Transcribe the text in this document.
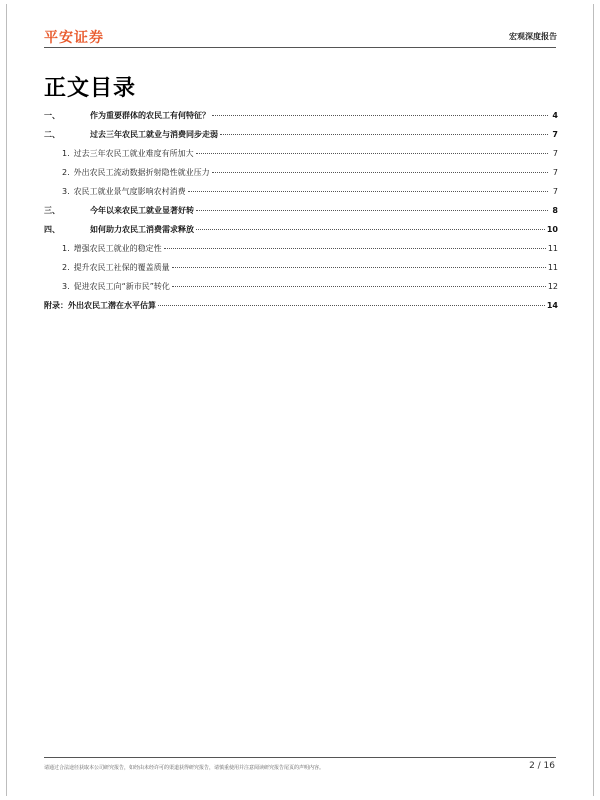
平安证券	宏观深度报告
正文目录
一、	作为重要群体的农民工有何特征？	4
二、	过去三年农民工就业与消费同步走弱	7
1. 过去三年农民工就业难度有所加大	7
2. 外出农民工流动数据折射隐性就业压力	7
3. 农民工就业景气度影响农村消费	7
三、	今年以来农民工就业显著好转	8
四、	如何助力农民工消费需求释放	10
1. 增强农民工就业的稳定性	11
2. 提升农民工社保的覆盖质量	11
3. 促进农民工向“新市民”转化	12
附录：外出农民工潜在水平估算	14
请通过合法途径获取本公司研究报告，如经由未经许可的渠道获得研究报告，请慎重使用并注意阅读研究报告尾页的声明内容。	2 / 16
